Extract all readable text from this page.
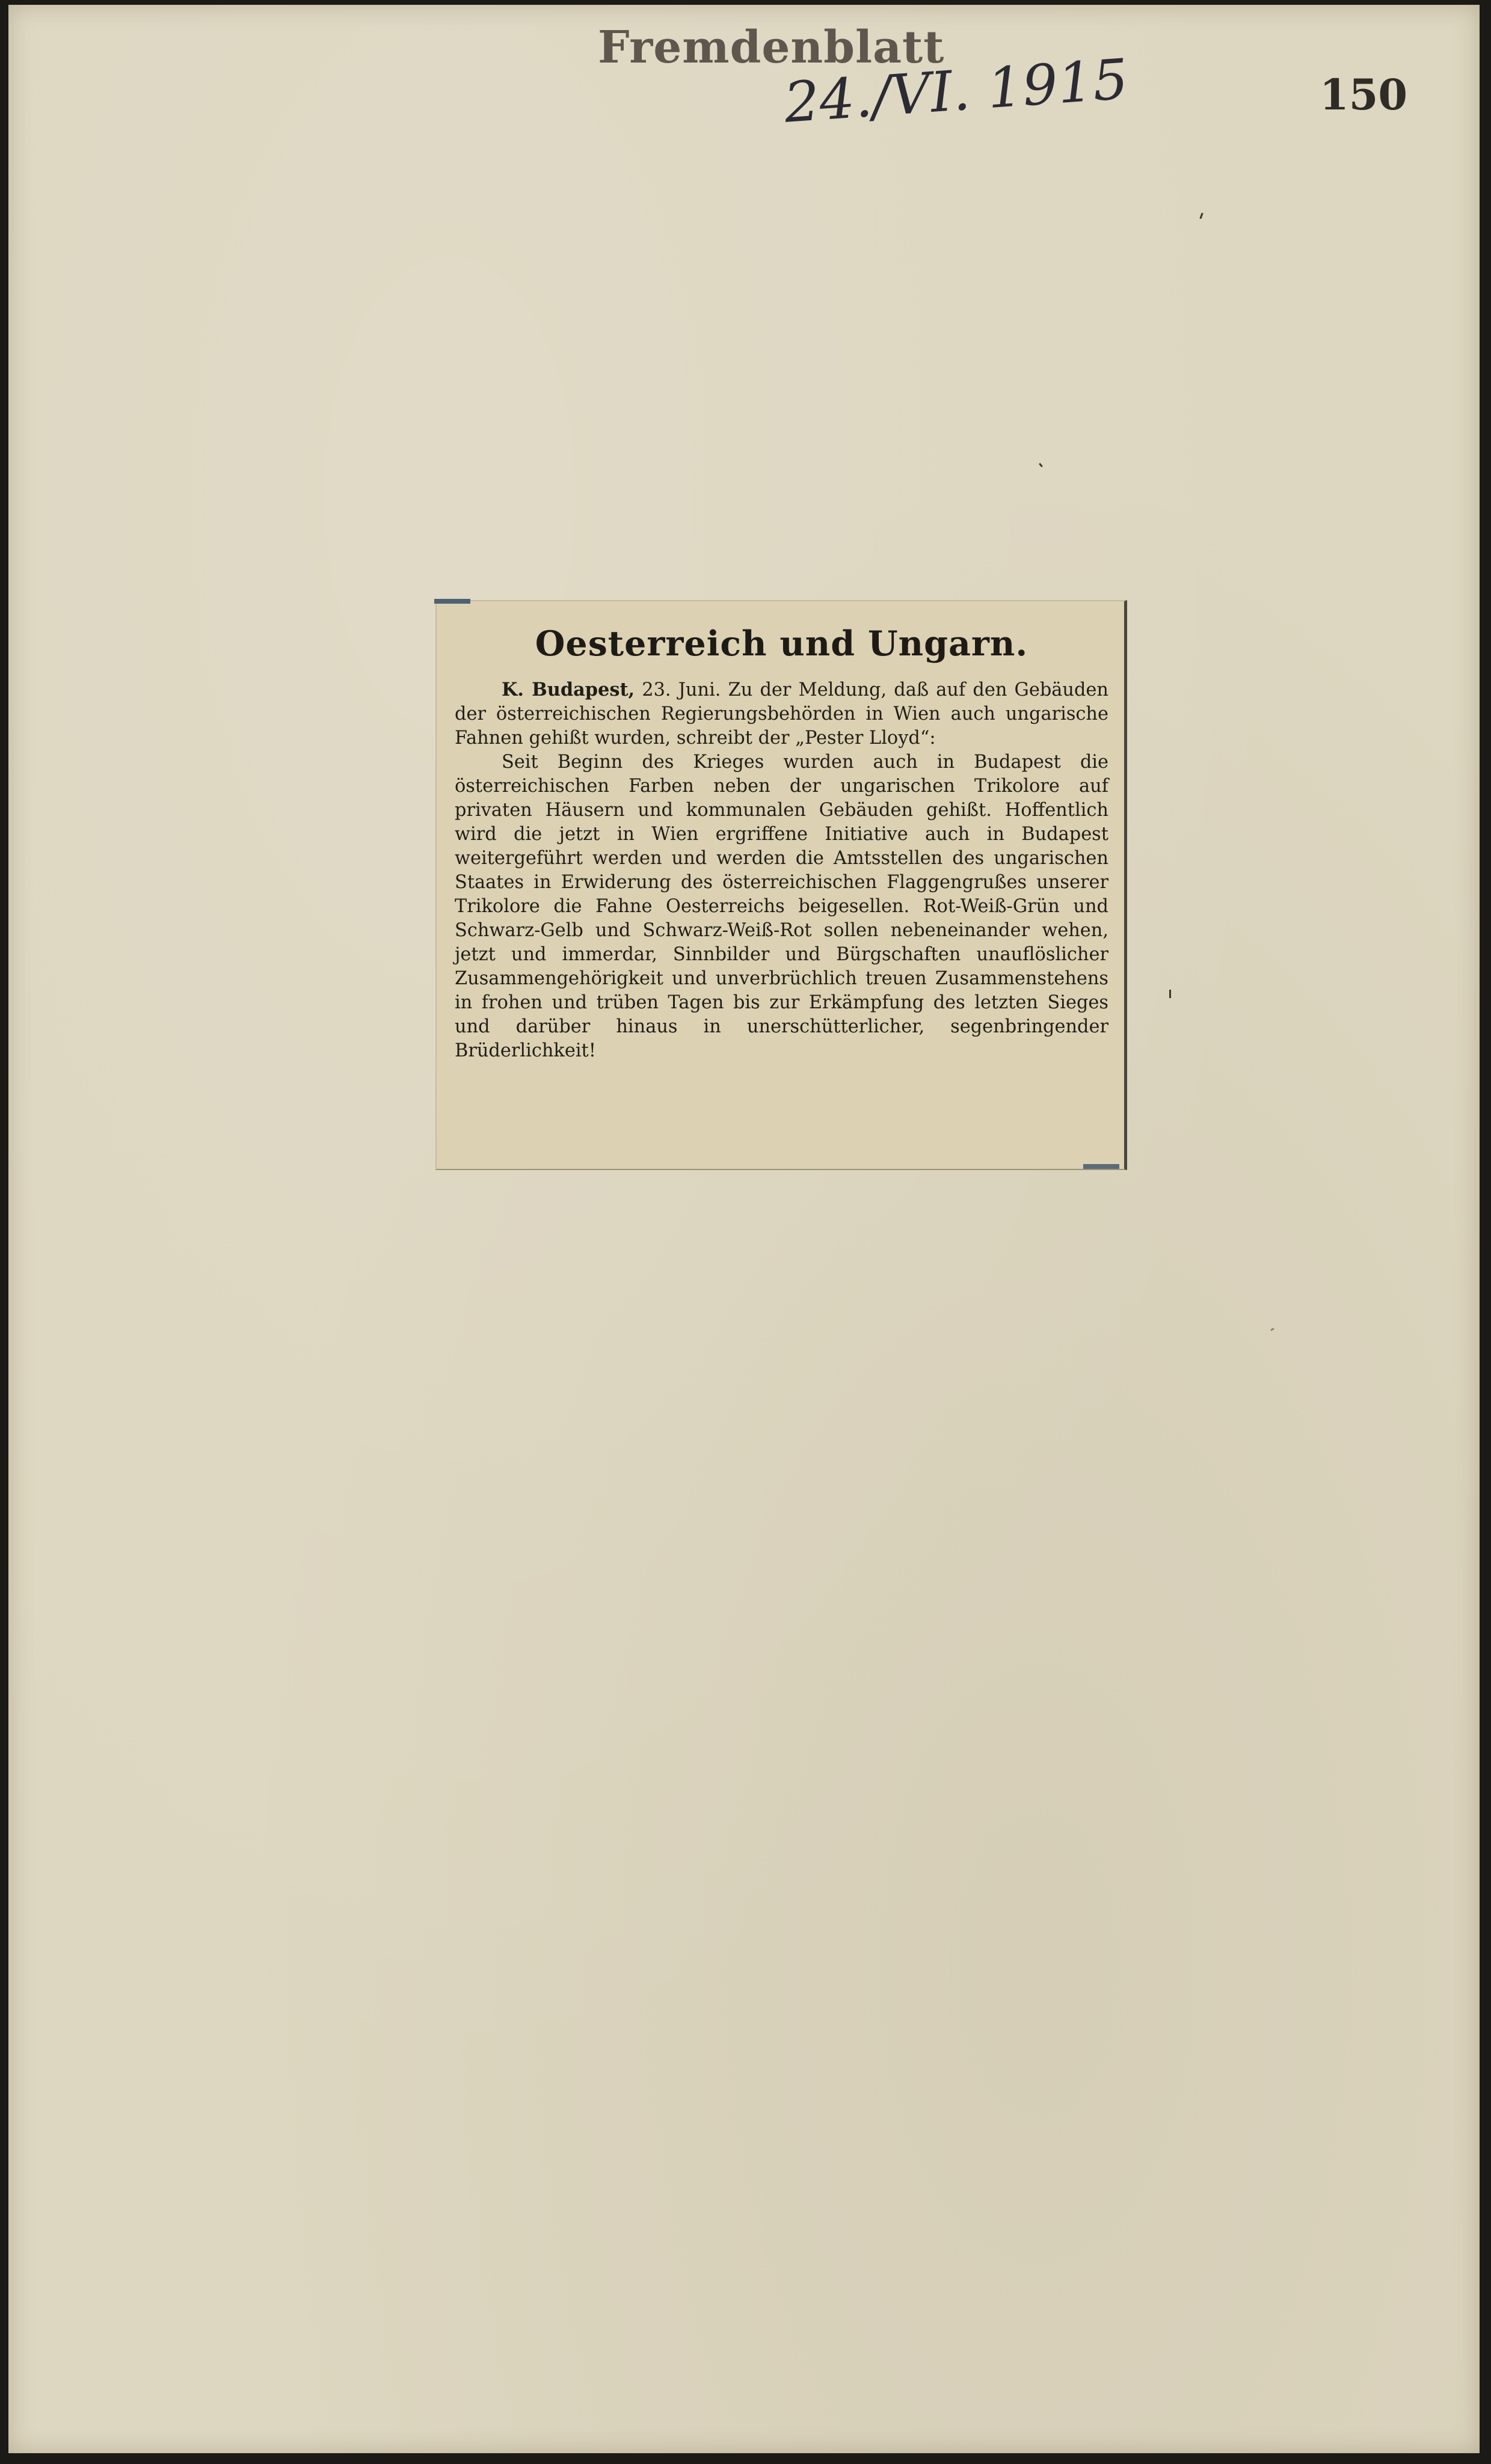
Fremdenblatt
24./VI. 1915	150
Oesterreich und Ungarn.

K. Budapest, 23. Juni. Zu der Meldung, daß auf den Gebäuden der österreichischen Regierungsbehörden in Wien auch ungarische Fahnen gehißt wurden, schreibt der „Pester Lloyd“:

Seit Beginn des Krieges wurden auch in Budapest die österreichischen Farben neben der ungarischen Trikolore auf privaten Häusern und kommunalen Gebäuden gehißt. Hoffentlich wird die jetzt in Wien ergriffene Initiative auch in Budapest weitergeführt werden und werden die Amtsstellen des ungarischen Staates in Erwiderung des österreichischen Flaggengrußes unserer Trikolore die Fahne Oesterreichs beigesellen. Rot-Weiß-Grün und Schwarz-Gelb und Schwarz-Weiß-Rot sollen nebeneinander wehen, jetzt und immerdar, Sinnbilder und Bürgschaften unauflöslicher Zusammengehörigkeit und unverbrüchlich treuen Zusammenstehens in frohen und trüben Tagen bis zur Erkämpfung des letzten Sieges und darüber hinaus in unerschütterlicher, segenbringender Brüderlichkeit!
